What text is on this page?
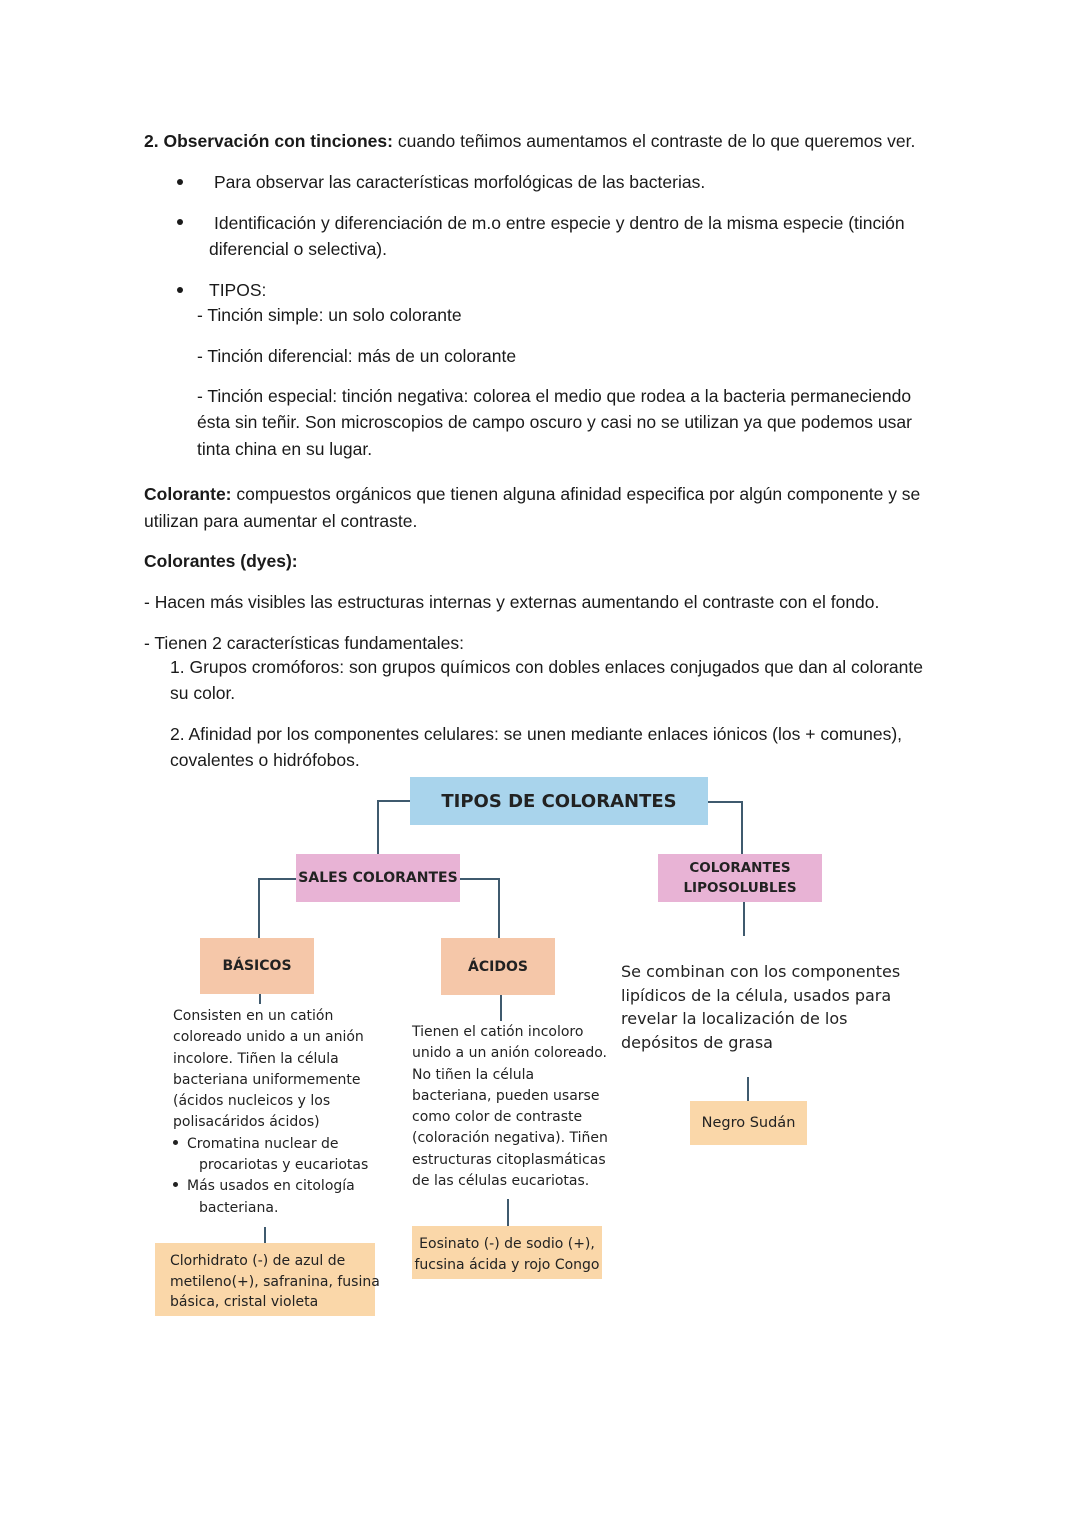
2. Observación con tinciones: cuando teñimos aumentamos el contraste de lo que queremos ver.
Para observar las características morfológicas de las bacterias.
Identificación y diferenciación de m.o entre especie y dentro de la misma especie (tinción
diferencial o selectiva).
TIPOS:
- Tinción simple: un solo colorante
- Tinción diferencial: más de un colorante
- Tinción especial: tinción negativa: colorea el medio que rodea a la bacteria permaneciendo
ésta sin teñir. Son microscopios de campo oscuro y casi no se utilizan ya que podemos usar
tinta china en su lugar.
Colorante: compuestos orgánicos que tienen alguna afinidad especifica por algún componente y se
utilizan para aumentar el contraste.
Colorantes (dyes):
- Hacen más visibles las estructuras internas y externas aumentando el contraste con el fondo.
- Tienen 2 características fundamentales:
1. Grupos cromóforos: son grupos químicos con dobles enlaces conjugados que dan al colorante
su color.
2. Afinidad por los componentes celulares: se unen mediante enlaces iónicos (los + comunes),
covalentes o hidrófobos.
TIPOS DE COLORANTES
SALES COLORANTES
COLORANTES
LIPOSOLUBLES
BÁSICOS	ÁCIDOS

Consisten en un catión

coloreado unido a un anión

incolore. Tiñen la célula

bacteriana uniformemente

(ácidos nucleicos y los

polisacáridos ácidos)

Cromatina nuclear de

procariotas y eucariotas

Más usados en citología

bacteriana.

Tienen el catión incoloro

unido a un anión coloreado.

No tiñen la célula

bacteriana, pueden usarse

como color de contraste

(coloración negativa). Tiñen

estructuras citoplasmáticas

de las células eucariotas.

Se combinan con los componentes

lipídicos de la célula, usados para

revelar la localización de los

depósitos de grasa

Clorhidrato (-) de azul de

metileno(+), safranina, fusina

básica, cristal violeta

Eosinato (-) de sodio (+),

fucsina ácida y rojo Congo

Negro Sudán
